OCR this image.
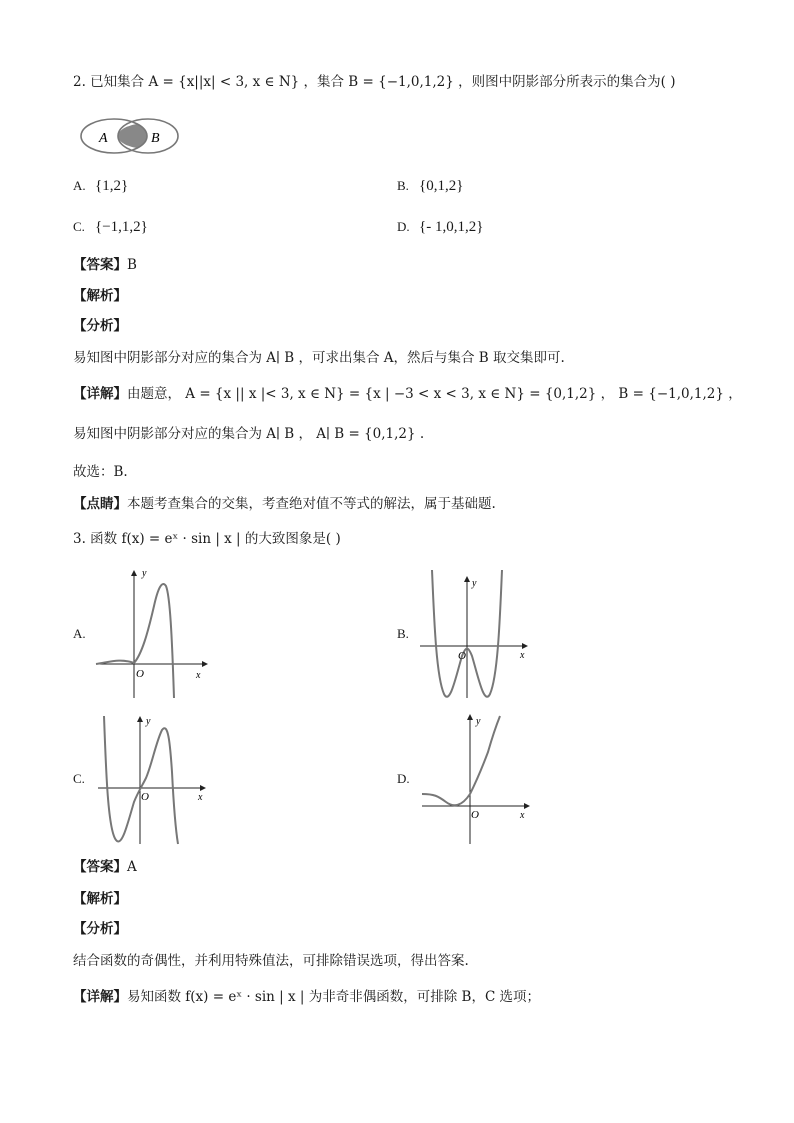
2. 已知集合 A = {x||x| < 3, x ∈ N} ，集合 B = {−1,0,1,2} ，则图中阴影部分所表示的集合为( )
A	B
A. {1,2}	B. {0,1,2}
C. {−1,1,2}	D. {- 1,0,1,2}
【答案】B
【解析】
【分析】
易知图中阴影部分对应的集合为 A∣ B ，可求出集合 A，然后与集合 B 取交集即可.
【详解】由题意， A = {x || x |< 3, x ∈ N} = {x | −3 < x < 3, x ∈ N} = {0,1,2} ， B = {−1,0,1,2} ，
易知图中阴影部分对应的集合为 A∣ B ， A∣ B = {0,1,2} .
故选：B.
【点睛】本题考查集合的交集，考查绝对值不等式的解法，属于基础题.
3. 函数 f(x) = eˣ · sin | x | 的大致图象是( )
A.
y
x
O
B.
y
x
O
C.
y
x
O
D.
y
x
O
【答案】A
【解析】
【分析】
结合函数的奇偶性，并利用特殊值法，可排除错误选项，得出答案.
【详解】易知函数 f(x) = eˣ · sin | x | 为非奇非偶函数，可排除 B，C 选项；
